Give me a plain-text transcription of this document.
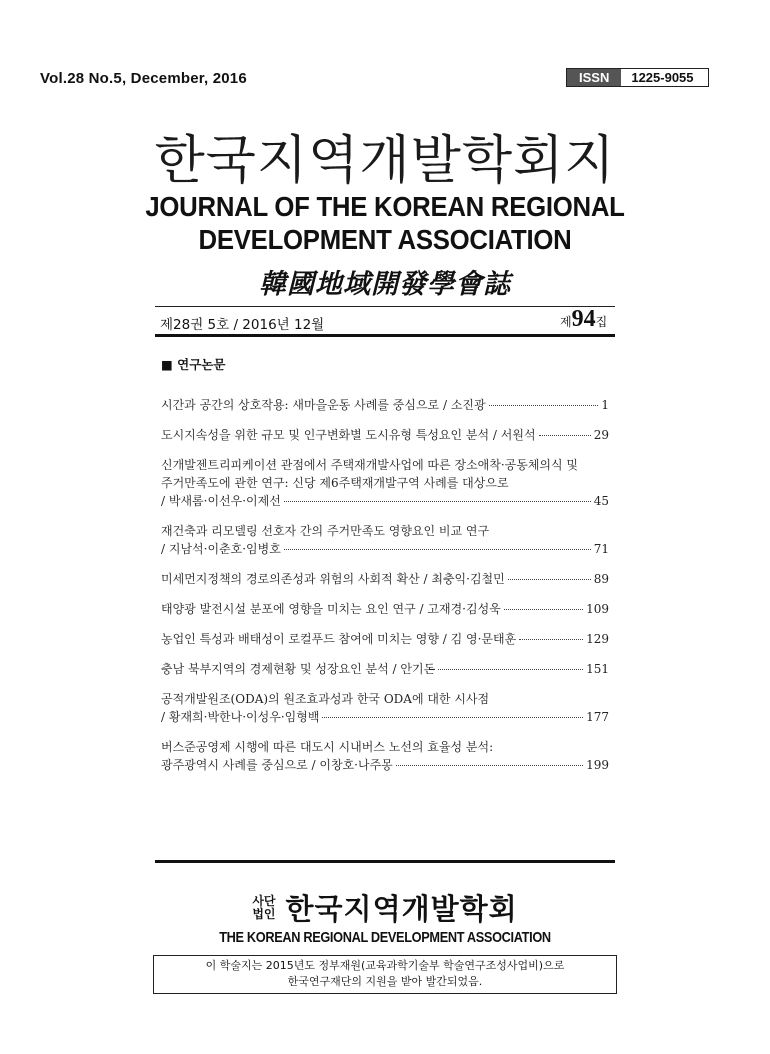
Vol.28 No.5, December, 2016	ISSN	1225-9055
한국지역개발학회지
JOURNAL OF THE KOREAN REGIONAL
DEVELOPMENT ASSOCIATION
韓國地域開發學會誌
제28권 5호 / 2016년 12월	제94집
■ 연구논문
시간과 공간의 상호작용: 새마을운동 사례를 중심으로 / 소진광	1
도시지속성을 위한 규모 및 인구변화별 도시유형 특성요인 분석 / 서원석	29
신개발젠트리피케이션 관점에서 주택재개발사업에 따른 장소애착·공동체의식 및
주거만족도에 관한 연구: 신당 제6주택재개발구역 사례를 대상으로
/ 박새롬·이선우·이제선	45
재건축과 리모델링 선호자 간의 주거만족도 영향요인 비교 연구
/ 지남석·이춘호·임병호	71
미세먼지정책의 경로의존성과 위험의 사회적 확산 / 최충익·김철민	89
태양광 발전시설 분포에 영향을 미치는 요인 연구 / 고재경·김성욱	109
농업인 특성과 배태성이 로컬푸드 참여에 미치는 영향 / 김 영·문태훈	129
충남 북부지역의 경제현황 및 성장요인 분석 / 안기돈	151
공적개발원조(ODA)의 원조효과성과 한국 ODA에 대한 시사점
/ 황재희·박한나·이성우·임형백	177
버스준공영제 시행에 따른 대도시 시내버스 노선의 효율성 분석:
광주광역시 사례를 중심으로 / 이창호·나주몽	199
사단
법인 한국지역개발학회
THE KOREAN REGIONAL DEVELOPMENT ASSOCIATION
이 학술지는 2015년도 정부재원(교육과학기술부 학술연구조성사업비)으로
한국연구재단의 지원을 받아 발간되었음.
